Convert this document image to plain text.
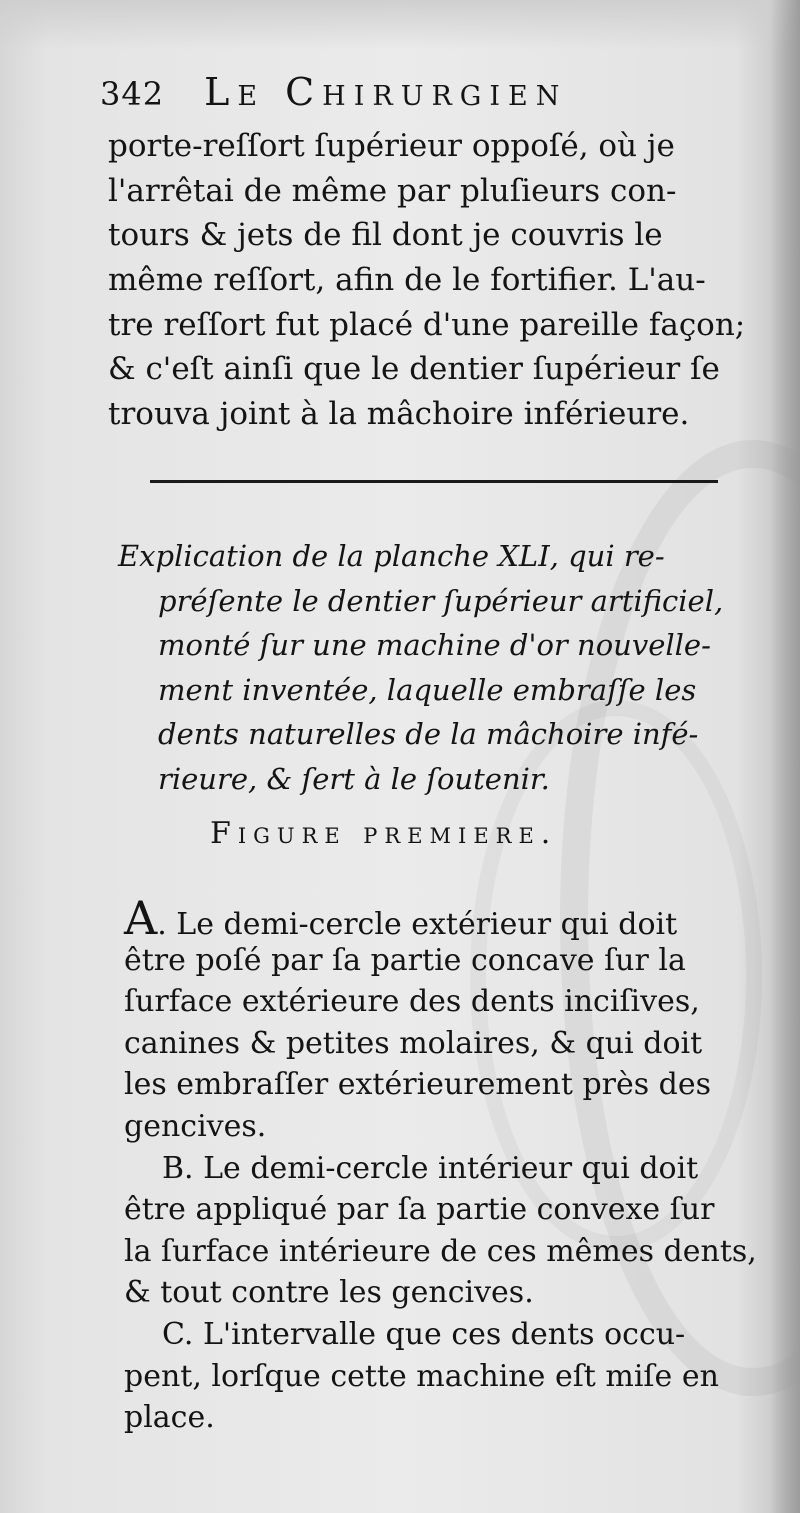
342 Le Chirurgien
porte-reſſort ſupérieur oppoſé, où je
l'arrêtai de même par pluſieurs con-
tours & jets de fil dont je couvris le
même reſſort, afin de le fortifier. L'au-
tre reſſort fut placé d'une pareille façon;
& c'eſt ainſi que le dentier ſupérieur ſe
trouva joint à la mâchoire inférieure.
Explication de la planche XLI, qui re-
préſente le dentier ſupérieur artificiel,
monté ſur une machine d'or nouvelle-
ment inventée, laquelle embraſſe les
dents naturelles de la mâchoire infé-
rieure, & ſert à le ſoutenir.
Figure premiere.
A. Le demi-cercle extérieur qui doit
être poſé par ſa partie concave ſur la
ſurface extérieure des dents inciſives,
canines & petites molaires, & qui doit
les embraſſer extérieurement près des
gencives.
B. Le demi-cercle intérieur qui doit
être appliqué par ſa partie convexe ſur
la ſurface intérieure de ces mêmes dents,
& tout contre les gencives.
C. L'intervalle que ces dents occu-
pent, lorſque cette machine eſt miſe en
place.
